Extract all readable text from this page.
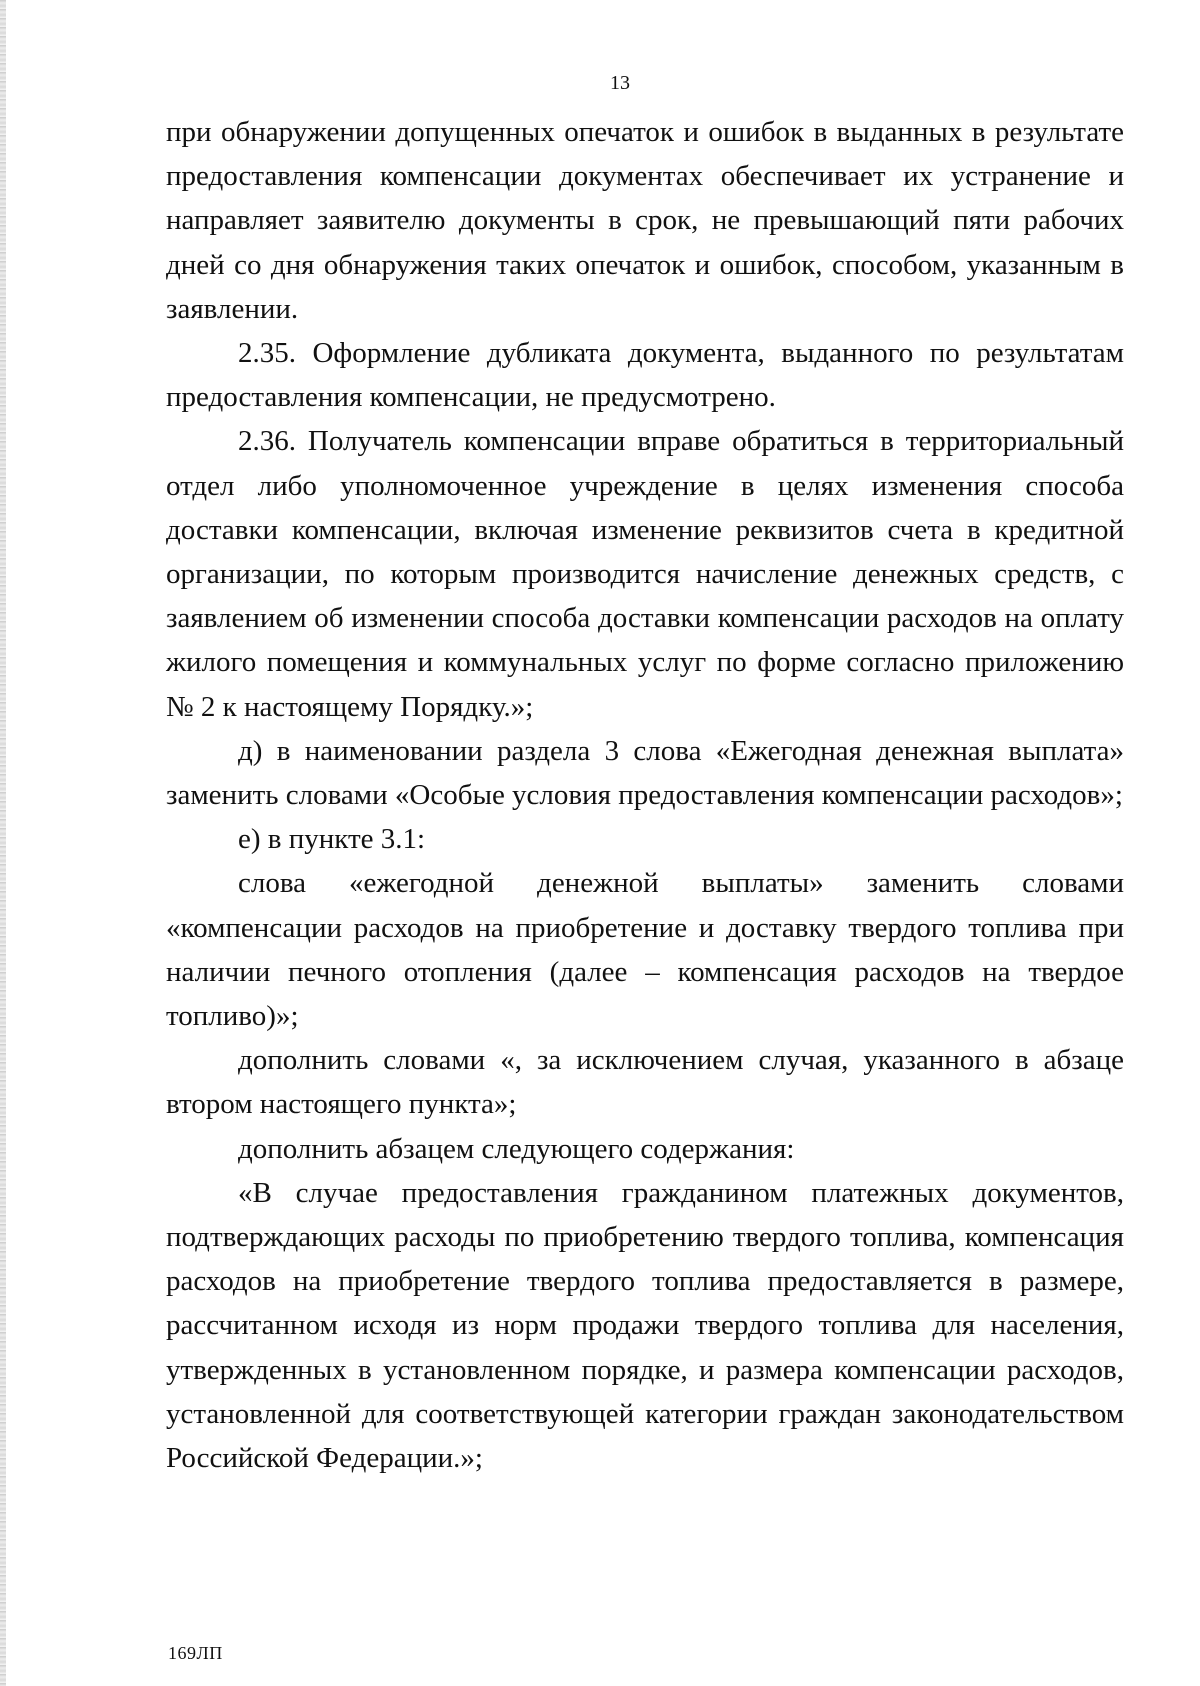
13

при обнаружении допущенных опечаток и ошибок в выданных в результате предоставления компенсации документах обеспечивает их устранение и направляет заявителю документы в срок, не превышающий пяти рабочих дней со дня обнаружения таких опечаток и ошибок, способом, указанным в заявлении.

2.35. Оформление дубликата документа, выданного по результатам предоставления компенсации, не предусмотрено.

2.36. Получатель компенсации вправе обратиться в территориальный отдел либо уполномоченное учреждение в целях изменения способа доставки компенсации, включая изменение реквизитов счета в кредитной организации, по которым производится начисление денежных средств, с заявлением об изменении способа доставки компенсации расходов на оплату жилого помещения и коммунальных услуг по форме согласно приложению № 2 к настоящему Порядку.»;

д) в наименовании раздела 3 слова «Ежегодная денежная выплата» заменить словами «Особые условия предоставления компенсации расходов»;

е) в пункте 3.1:

слова «ежегодной денежной выплаты» заменить словами «компенсации расходов на приобретение и доставку твердого топлива при наличии печного отопления (далее – компенсация расходов на твердое топливо)»;

дополнить словами «, за исключением случая, указанного в абзаце втором настоящего пункта»;

дополнить абзацем следующего содержания:

«В случае предоставления гражданином платежных документов, подтверждающих расходы по приобретению твердого топлива, компенсация расходов на приобретение твердого топлива предоставляется в размере, рассчитанном исходя из норм продажи твердого топлива для населения, утвержденных в установленном порядке, и размера компенсации расходов, установленной для соответствующей категории граждан законодательством Российской Федерации.»;

169ЛП
